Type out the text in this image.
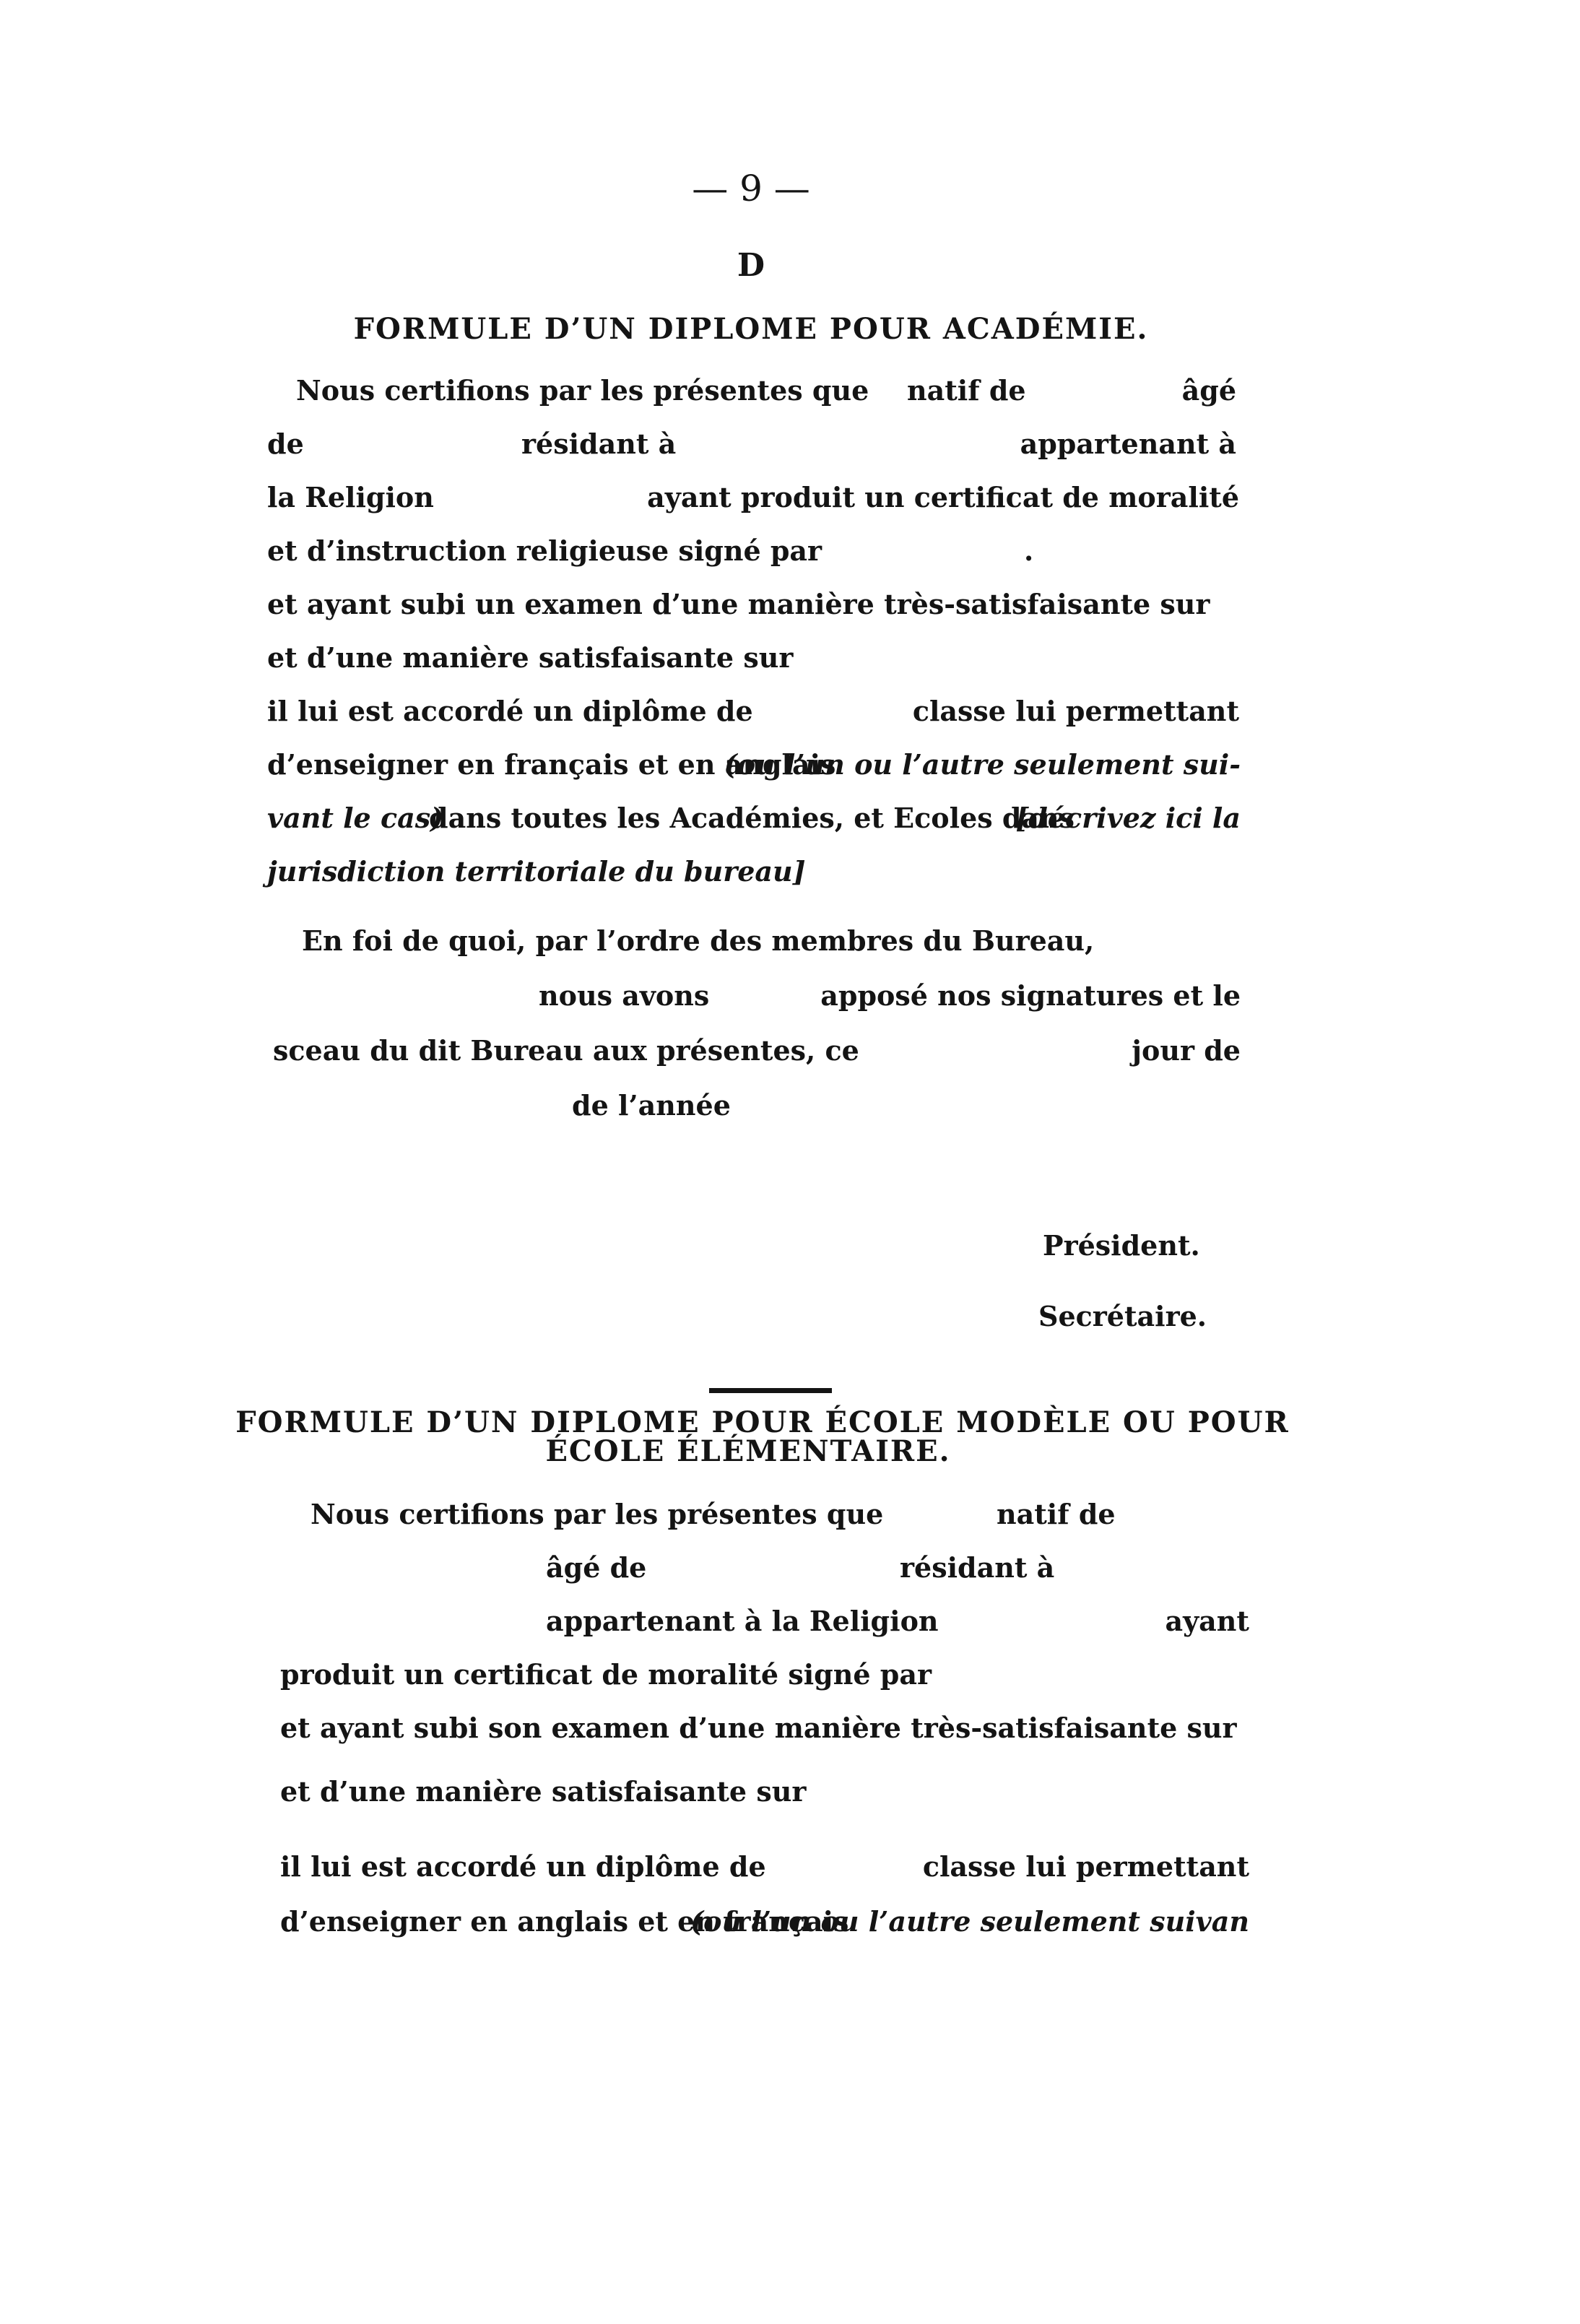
— 9 —
D
FORMULE D’UN DIPLOME POUR ACADÉMIE.
Nous certifions par les présentes que natif de	âgé
de	résidant à	appartenant à
la Religion	ayant produit un certificat de moralité
et d’instruction religieuse signé par	.
et ayant subi un examen d’une manière très-satisfaisante sur
et d’une manière satisfaisante sur
il lui est accordé un diplôme de	classe lui permettant
d’enseigner en français et en anglais
(ou l’un ou l’autre seulement sui-
vant le cas)
dans toutes les Académies, et Ecoles dans
[décrivez ici la
jurisdiction territoriale du bureau]
En foi de quoi, par l’ordre des membres du Bureau,
nous avons	apposé nos signatures et le
sceau du dit Bureau aux présentes, ce	jour de
de l’année
Président.
Secrétaire.
FORMULE D’UN DIPLOME POUR ÉCOLE MODÈLE OU POUR
ÉCOLE ÉLÉMENTAIRE.
Nous certifions par les présentes que	natif de
âgé de	résidant à
appartenant à la Religion	ayant
produit un certificat de moralité signé par
et ayant subi son examen d’une manière très-satisfaisante sur
et d’une manière satisfaisante sur
il lui est accordé un diplôme de	classe lui permettant
d’enseigner en anglais et en français
(ou l’un ou l’autre seulement suivan
